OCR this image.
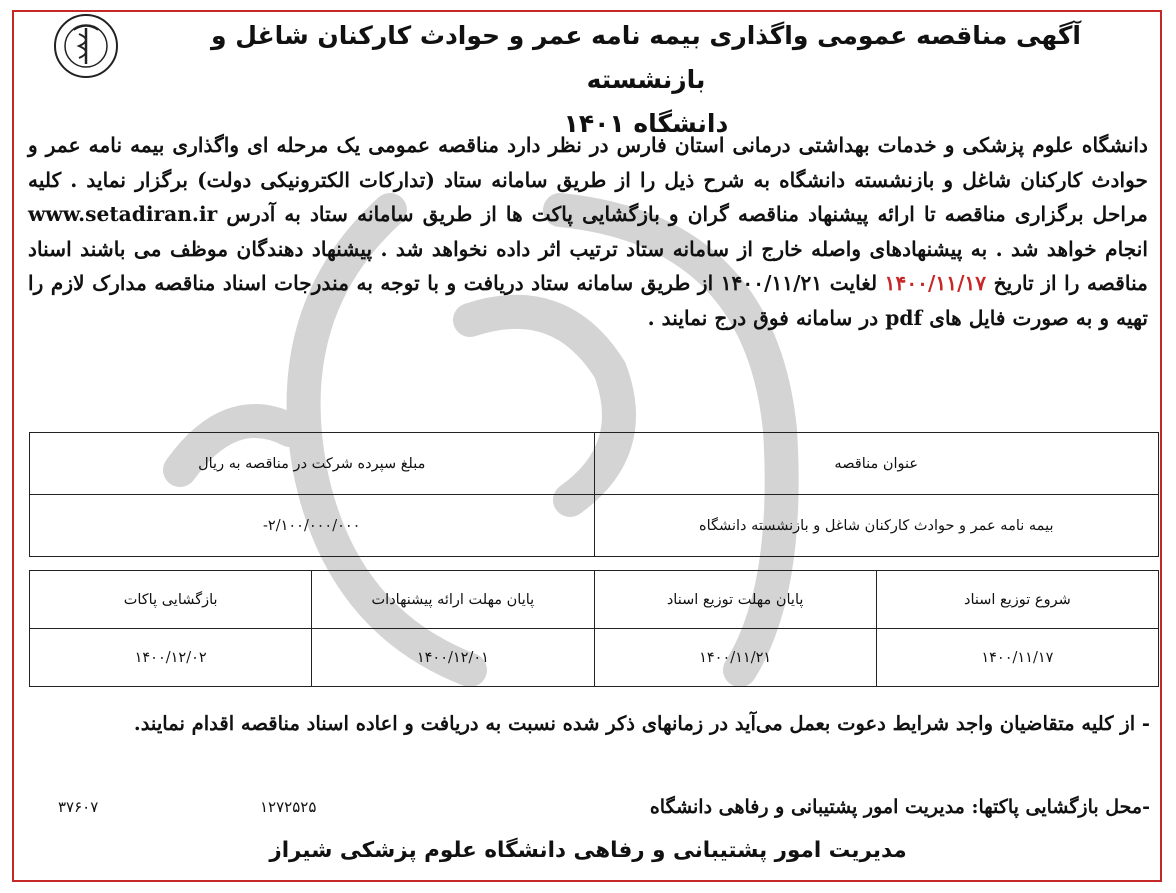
آگهی مناقصه عمومی واگذاری بیمه نامه عمر و حوادث کارکنان شاغل و بازنشسته
دانشگاه ۱۴۰۱

دانشگاه علوم پزشکی و خدمات بهداشتی درمانی استان فارس در نظر دارد مناقصه عمومی یک مرحله ای واگذاری بیمه نامه عمر و حوادث کارکنان شاغل و بازنشسته دانشگاه به شرح ذیل را از طریق سامانه ستاد (تدارکات الکترونیکی دولت) برگزار نماید . کلیه مراحل برگزاری مناقصه تا ارائه پیشنهاد مناقصه گران و بازگشایی پاکت ها از طریق سامانه ستاد به آدرس www.setadiran.ir انجام خواهد شد . به پیشنهادهای واصله خارج از سامانه ستاد ترتیب اثر داده نخواهد شد . پیشنهاد دهندگان موظف می باشند اسناد مناقصه را از تاریخ ۱۴۰۰/۱۱/۱۷ لغایت ۱۴۰۰/۱۱/۲۱ از طریق سامانه ستاد دریافت و با توجه به مندرجات اسناد مناقصه مدارک لازم را تهیه و به صورت فایل های pdf در سامانه فوق درج نمایند .

عنوان مناقصه	مبلغ سپرده شرکت در مناقصه به ریال
بیمه نامه عمر و حوادث کارکنان شاغل و بازنشسته دانشگاه	۲/۱۰۰/۰۰۰/۰۰۰-
شروع توزیع اسناد	پایان مهلت توزیع اسناد	پایان مهلت ارائه پیشنهادات	بازگشایی پاکات
۱۴۰۰/۱۱/۱۷	۱۴۰۰/۱۱/۲۱	۱۴۰۰/۱۲/۰۱	۱۴۰۰/۱۲/۰۲

- از کلیه متقاضیان واجد شرایط دعوت بعمل می‌آید در زمانهای ذکر شده نسبت به دریافت و اعاده اسناد مناقصه اقدام نمایند.

-محل بازگشایی پاکتها: مدیریت امور پشتیبانی و رفاهی دانشگاه
۱۲۷۲۵۲۵
۳۷۶۰۷
مدیریت امور پشتیبانی و رفاهی دانشگاه علوم پزشکی شیراز
